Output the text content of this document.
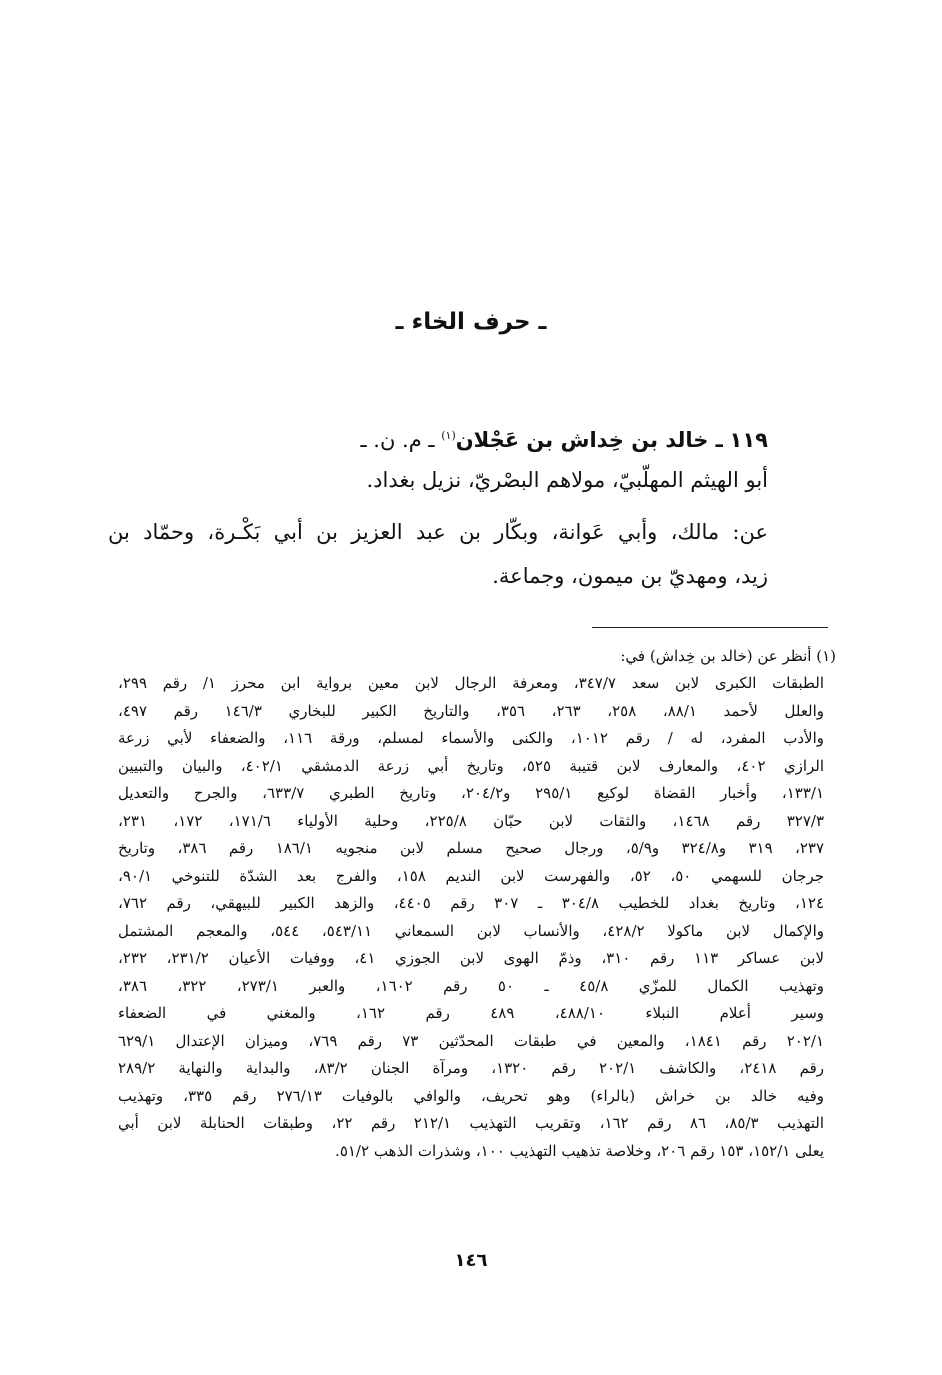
ـ حرف الخاء ـ
١١٩ ـ خالد بن خِداش بن عَجْلان$^{(١)}$ ـ م. ن. ـ
أبو الهيثم المهلّبيّ، مولاهم البصْريّ، نزيل بغداد.
عن: مالك، وأبي عَوانة، وبكّار بن عبد العزيز بن أبي بَكْـرة، وحمّاد بن
زيد، ومهديّ بن ميمون، وجماعة.
(١) أنظر عن (خالد بن خِداش) في:
الطبقات الكبرى لابن سعد ٣٤٧/٧، ومعرفة الرجال لابن معين برواية ابن محرز ١/ رقم ٢٩٩،
والعلل لأحمد ٨٨/١، ٢٥٨، ٢٦٣، ٣٥٦، والتاريخ الكبير للبخاري ١٤٦/٣ رقم ٤٩٧،
والأدب المفرد، له / رقم ١٠١٢، والكنى والأسماء لمسلم، ورقة ١١٦، والضعفاء لأبي زرعة
الرازي ٤٠٢، والمعارف لابن قتيبة ٥٢٥، وتاريخ أبي زرعة الدمشقي ٤٠٢/١، والبيان والتبيين
١٣٣/١، وأخبار القضاة لوكيع ٢٩٥/١ و٢٠٤/٢، وتاريخ الطبري ٦٣٣/٧، والجرح والتعديل
٣٢٧/٣ رقم ١٤٦٨، والثقات لابن حبّان ٢٢٥/٨، وحلية الأولياء ١٧١/٦، ١٧٢، ٢٣١،
٢٣٧، ٣١٩ و٣٢٤/٨ و٥/٩، ورجال صحيح مسلم لابن منجويه ١٨٦/١ رقم ٣٨٦، وتاريخ
جرجان للسهمي ٥٠، ٥٢، والفهرست لابن النديم ١٥٨، والفرج بعد الشدّة للتنوخي ٩٠/١،
١٢٤، وتاريخ بغداد للخطيب ٣٠٤/٨ ـ ٣٠٧ رقم ٤٤٠٥، والزهد الكبير للبيهقي، رقم ٧٦٢،
والإكمال لابن ماكولا ٤٢٨/٢، والأنساب لابن السمعاني ٥٤٣/١١، ٥٤٤، والمعجم المشتمل
لابن عساكر ١١٣ رقم ٣١٠، وذمّ الهوى لابن الجوزي ٤١، ووفيات الأعيان ٢٣١/٢، ٢٣٢،
وتهذيب الكمال للمزّي ٤٥/٨ ـ ٥٠ رقم ١٦٠٢، والعبر ٢٧٣/١، ٣٢٢، ٣٨٦،
وسير أعلام النبلاء ٤٨٨/١٠، ٤٨٩ رقم ١٦٢، والمغني في الضعفاء
٢٠٢/١ رقم ١٨٤١، والمعين في طبقات المحدّثين ٧٣ رقم ٧٦٩، وميزان الإعتدال ٦٢٩/١
رقم ٢٤١٨، والكاشف ٢٠٢/١ رقم ١٣٢٠، ومرآة الجنان ٨٣/٢، والبداية والنهاية ٢٨٩/٢
وفيه خالد بن خراش (بالراء) وهو تحريف، والوافي بالوفيات ٢٧٦/١٣ رقم ٣٣٥، وتهذيب
التهذيب ٨٥/٣، ٨٦ رقم ١٦٢، وتقريب التهذيب ٢١٢/١ رقم ٢٢، وطبقات الحنابلة لابن أبي
يعلى ١٥٢/١، ١٥٣ رقم ٢٠٦، وخلاصة تذهيب التهذيب ١٠٠، وشذرات الذهب ٥١/٢.
١٤٦
